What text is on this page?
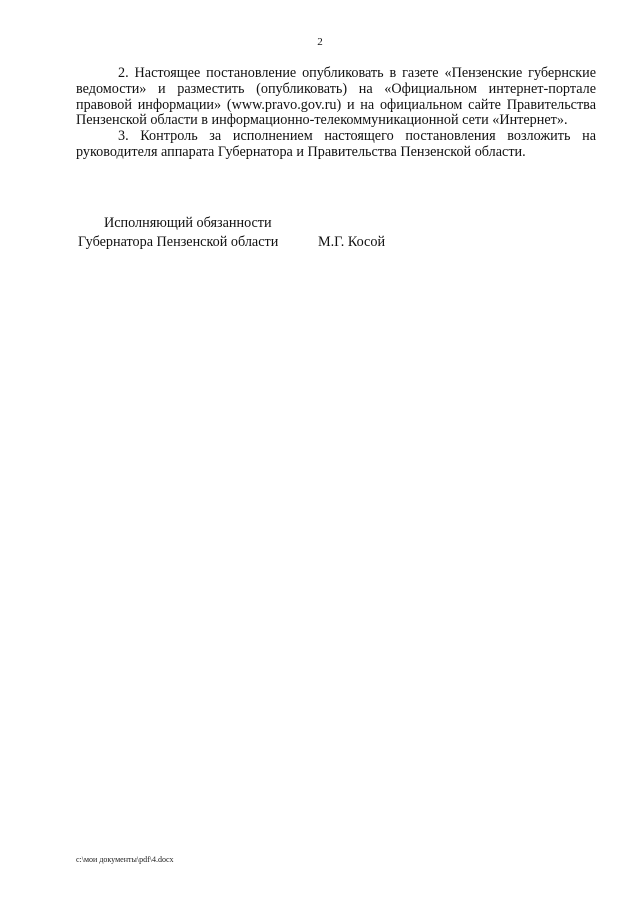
2

2. Настоящее постановление опубликовать в газете «Пензенские губернские
ведомости» и разместить (опубликовать) на «Официальном интернет-портале
правовой информации» (www.pravo.gov.ru) и на официальном сайте Правительства
Пензенской области в информационно-телекоммуникационной сети «Интернет».

3. Контроль за исполнением настоящего постановления возложить на
руководителя аппарата Губернатора и Правительства Пензенской области.

Исполняющий обязанности
Губернатора Пензенской области	М.Г. Косой
c:\мои документы\pdf\4.docx
